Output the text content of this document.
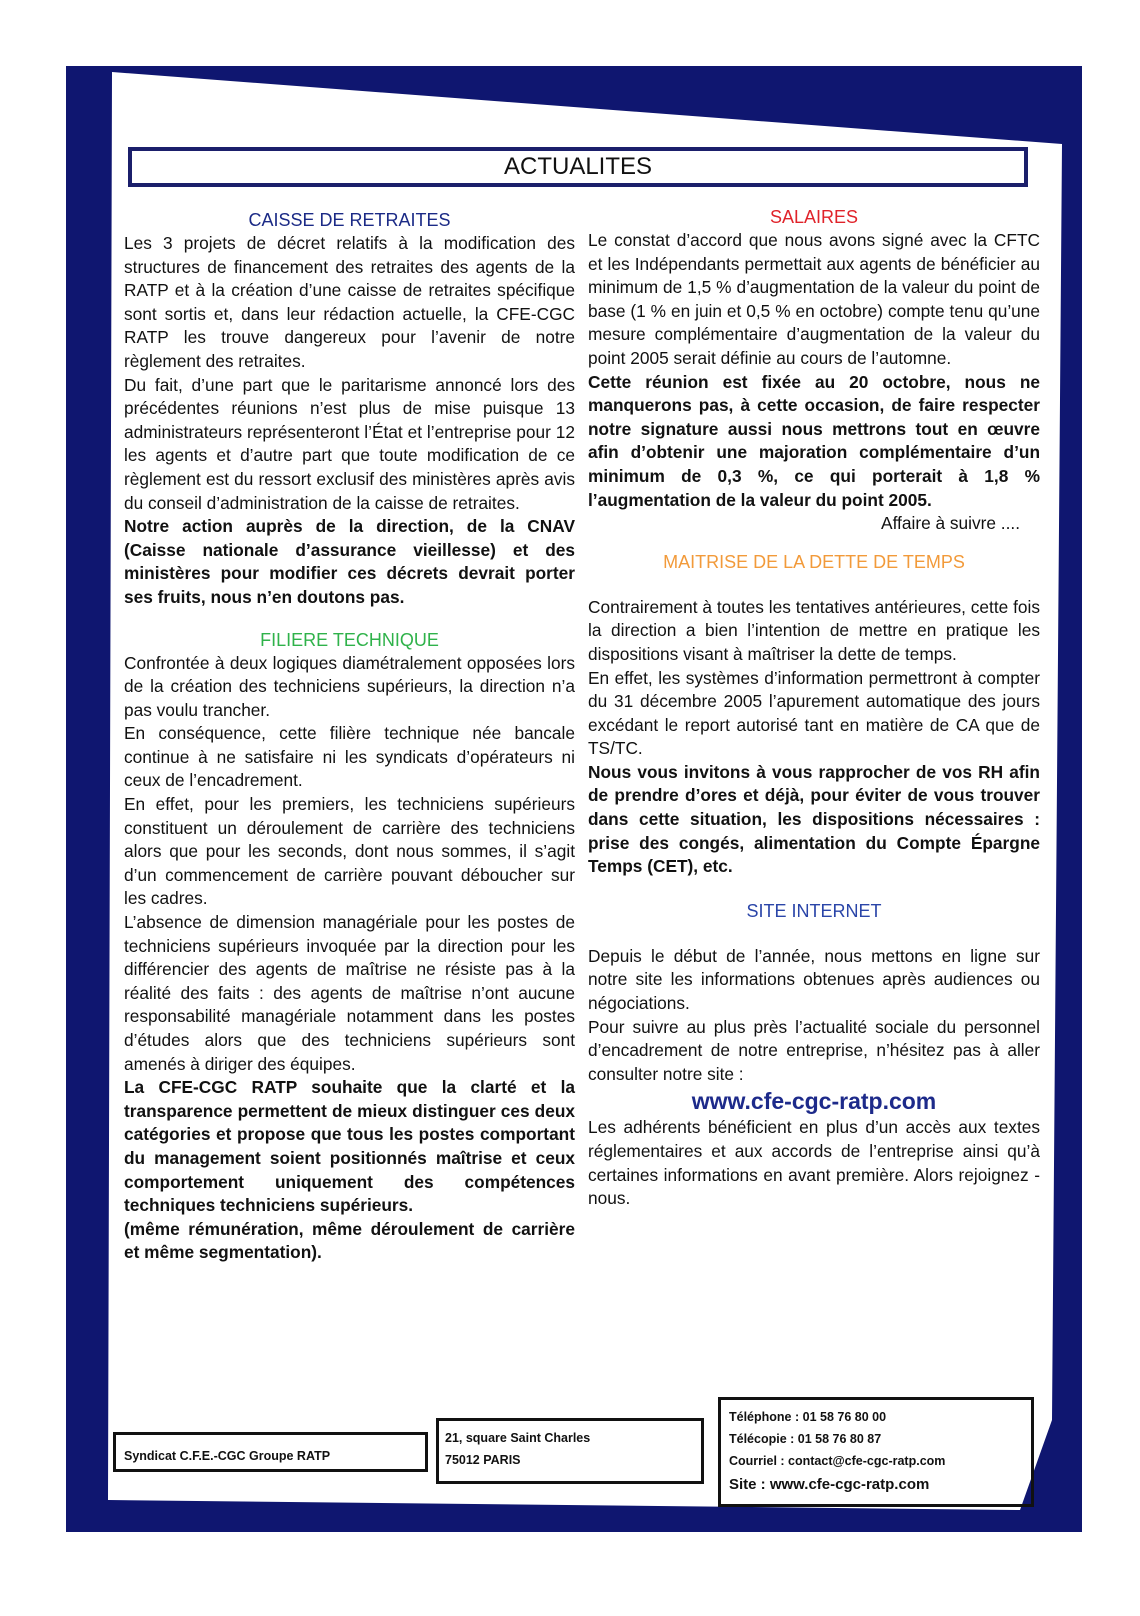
ACTUALITES

CAISSE DE RETRAITES

Les 3 projets de décret relatifs à la modification des structures de financement des retraites des agents de la RATP et à la création d’une caisse de retraites spécifique sont sortis et, dans leur rédaction actuelle, la CFE-CGC RATP les trouve dangereux pour l’avenir de notre règlement des retraites.

Du fait, d’une part que le paritarisme annoncé lors des précédentes réunions n’est plus de mise puisque 13 administrateurs représenteront l’État et l’entreprise pour 12 les agents et d’autre part que toute modification de ce règlement est du ressort exclusif des ministères après avis du conseil d’administration de la caisse de retraites.

Notre action auprès de la direction, de la CNAV (Caisse nationale d’assurance vieillesse) et des ministères pour modifier ces décrets devrait porter ses fruits, nous n’en doutons pas.

FILIERE TECHNIQUE

Confrontée à deux logiques diamétralement opposées lors de la création des techniciens supérieurs, la direction n’a pas voulu trancher.

En conséquence, cette filière technique née bancale continue à ne satisfaire ni les syndicats d’opérateurs ni ceux de l’encadrement.

En effet, pour les premiers, les techniciens supérieurs constituent un déroulement de carrière des techniciens alors que pour les seconds, dont nous sommes, il s’agit d’un commencement de carrière pouvant déboucher sur les cadres.

L’absence de dimension managériale pour les postes de techniciens supérieurs invoquée par la direction pour les différencier des agents de maîtrise ne résiste pas à la réalité des faits : des agents de maîtrise n’ont aucune responsabilité managériale notamment dans les postes d’études alors que des techniciens supérieurs sont amenés à diriger des équipes.

La CFE-CGC RATP souhaite que la clarté et la transparence permettent de mieux distinguer ces deux catégories et propose que tous les postes comportant du management soient positionnés maîtrise et ceux comportement uniquement des compétences techniques techniciens supérieurs.

(même rémunération, même déroulement de carrière et même segmentation).

SALAIRES

Le constat d’accord que nous avons signé avec la CFTC et les Indépendants permettait aux agents de bénéficier au minimum de 1,5 % d’augmentation de la valeur du point de base (1 % en juin et 0,5 % en octobre) compte tenu qu’une mesure complémentaire d’augmentation de la valeur du point 2005 serait définie au cours de l’automne.

Cette réunion est fixée au 20 octobre, nous ne manquerons pas, à cette occasion, de faire respecter notre signature aussi nous mettrons tout en œuvre afin d’obtenir une majoration complémentaire d’un minimum de 0,3 %, ce qui porterait à 1,8 % l’augmentation de la valeur du point 2005.

Affaire à suivre ....

MAITRISE DE LA DETTE DE TEMPS

Contrairement à toutes les tentatives antérieures, cette fois la direction a bien l’intention de mettre en pratique les dispositions visant à maîtriser la dette de temps.

En effet, les systèmes d’information permettront à compter du 31 décembre 2005 l’apurement automatique des jours excédant le report autorisé tant en matière de CA que de TS/TC.

Nous vous invitons à vous rapprocher de vos RH afin de prendre d’ores et déjà, pour éviter de vous trouver dans cette situation, les dispositions nécessaires : prise des congés, alimentation du Compte Épargne Temps (CET), etc.

SITE INTERNET

Depuis le début de l’année, nous mettons en ligne sur notre site les informations obtenues après audiences ou négociations.

Pour suivre au plus près l’actualité sociale du personnel d’encadrement de notre entreprise, n’hésitez pas à aller consulter notre site :

www.cfe-cgc-ratp.com

Les adhérents bénéficient en plus d’un accès aux textes réglementaires et aux accords de l’entreprise ainsi qu’à certaines informations en avant première. Alors rejoignez -nous.

Syndicat C.F.E.-CGC Groupe RATP
21, square Saint Charles
75012 PARIS
Téléphone : 01 58 76 80 00
Télécopie : 01 58 76 80 87
Courriel : contact@cfe-cgc-ratp.com
Site : www.cfe-cgc-ratp.com
